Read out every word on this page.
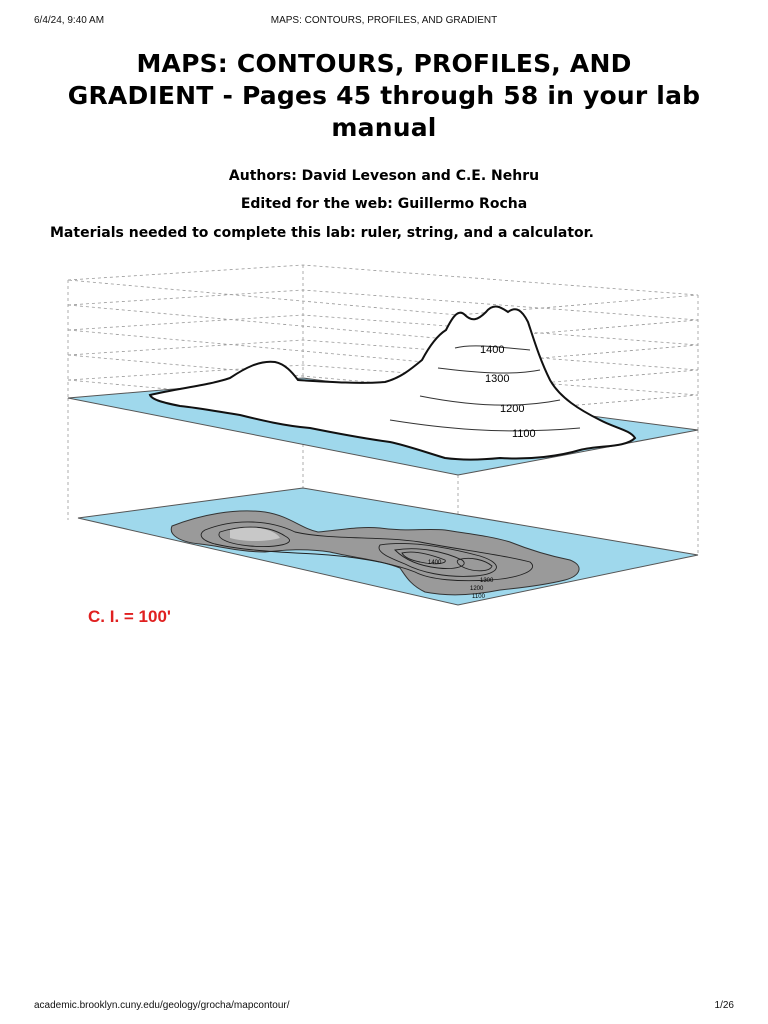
6/4/24, 9:40 AM	MAPS: CONTOURS, PROFILES, AND GRADIENT
MAPS: CONTOURS, PROFILES, AND GRADIENT - Pages 45 through 58 in your lab manual

Authors: David Leveson and C.E. Nehru

Edited for the web: Guillermo Rocha

Materials needed to complete this lab: ruler, string, and a calculator.

1400
1300
1200
1100
1400
1300
1200
1100
C. I. = 100'
academic.brooklyn.cuny.edu/geology/grocha/mapcontour/	1/26
